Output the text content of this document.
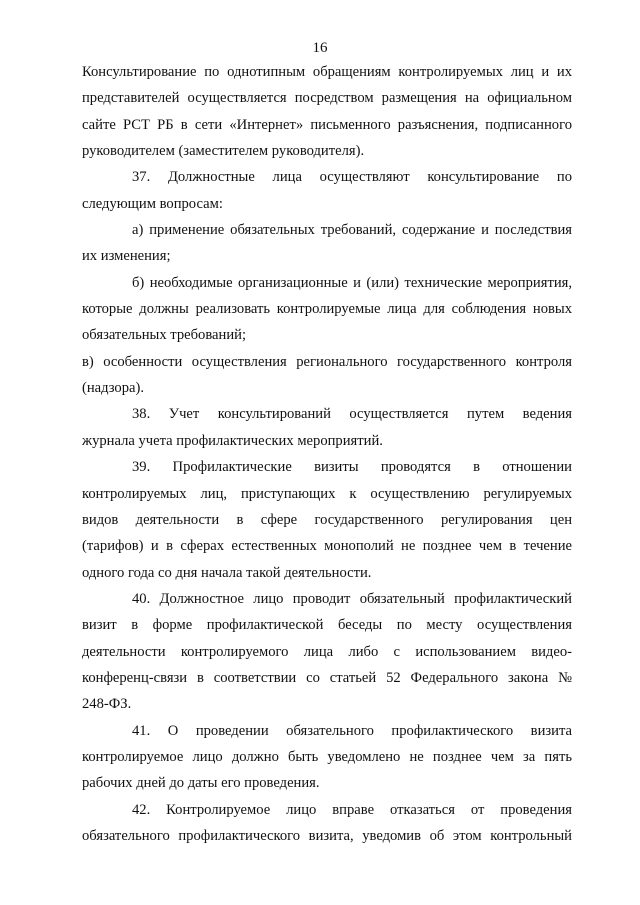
16
Консультирование по однотипным обращениям контролируемых лиц и их
представителей осуществляется посредством размещения на официальном
сайте РСТ РБ в сети «Интернет» письменного разъяснения, подписанного
руководителем (заместителем руководителя).
37. Должностные лица осуществляют консультирование по
следующим вопросам:
а) применение обязательных требований, содержание и последствия
их изменения;
б) необходимые организационные и (или) технические мероприятия,
которые должны реализовать контролируемые лица для соблюдения новых
обязательных требований;
в) особенности осуществления регионального государственного контроля
(надзора).
38. Учет консультирований осуществляется путем ведения
журнала учета профилактических мероприятий.
39. Профилактические визиты проводятся в отношении
контролируемых лиц, приступающих к осуществлению регулируемых
видов деятельности в сфере государственного регулирования цен
(тарифов) и в сферах естественных монополий не позднее чем в течение
одного года со дня начала такой деятельности.
40. Должностное лицо проводит обязательный профилактический
визит в форме профилактической беседы по месту осуществления
деятельности контролируемого лица либо с использованием видео-
конференц-связи в соответствии со статьей 52 Федерального закона №
248-ФЗ.
41. О проведении обязательного профилактического визита
контролируемое лицо должно быть уведомлено не позднее чем за пять
рабочих дней до даты его проведения.
42. Контролируемое лицо вправе отказаться от проведения
обязательного профилактического визита, уведомив об этом контрольный
